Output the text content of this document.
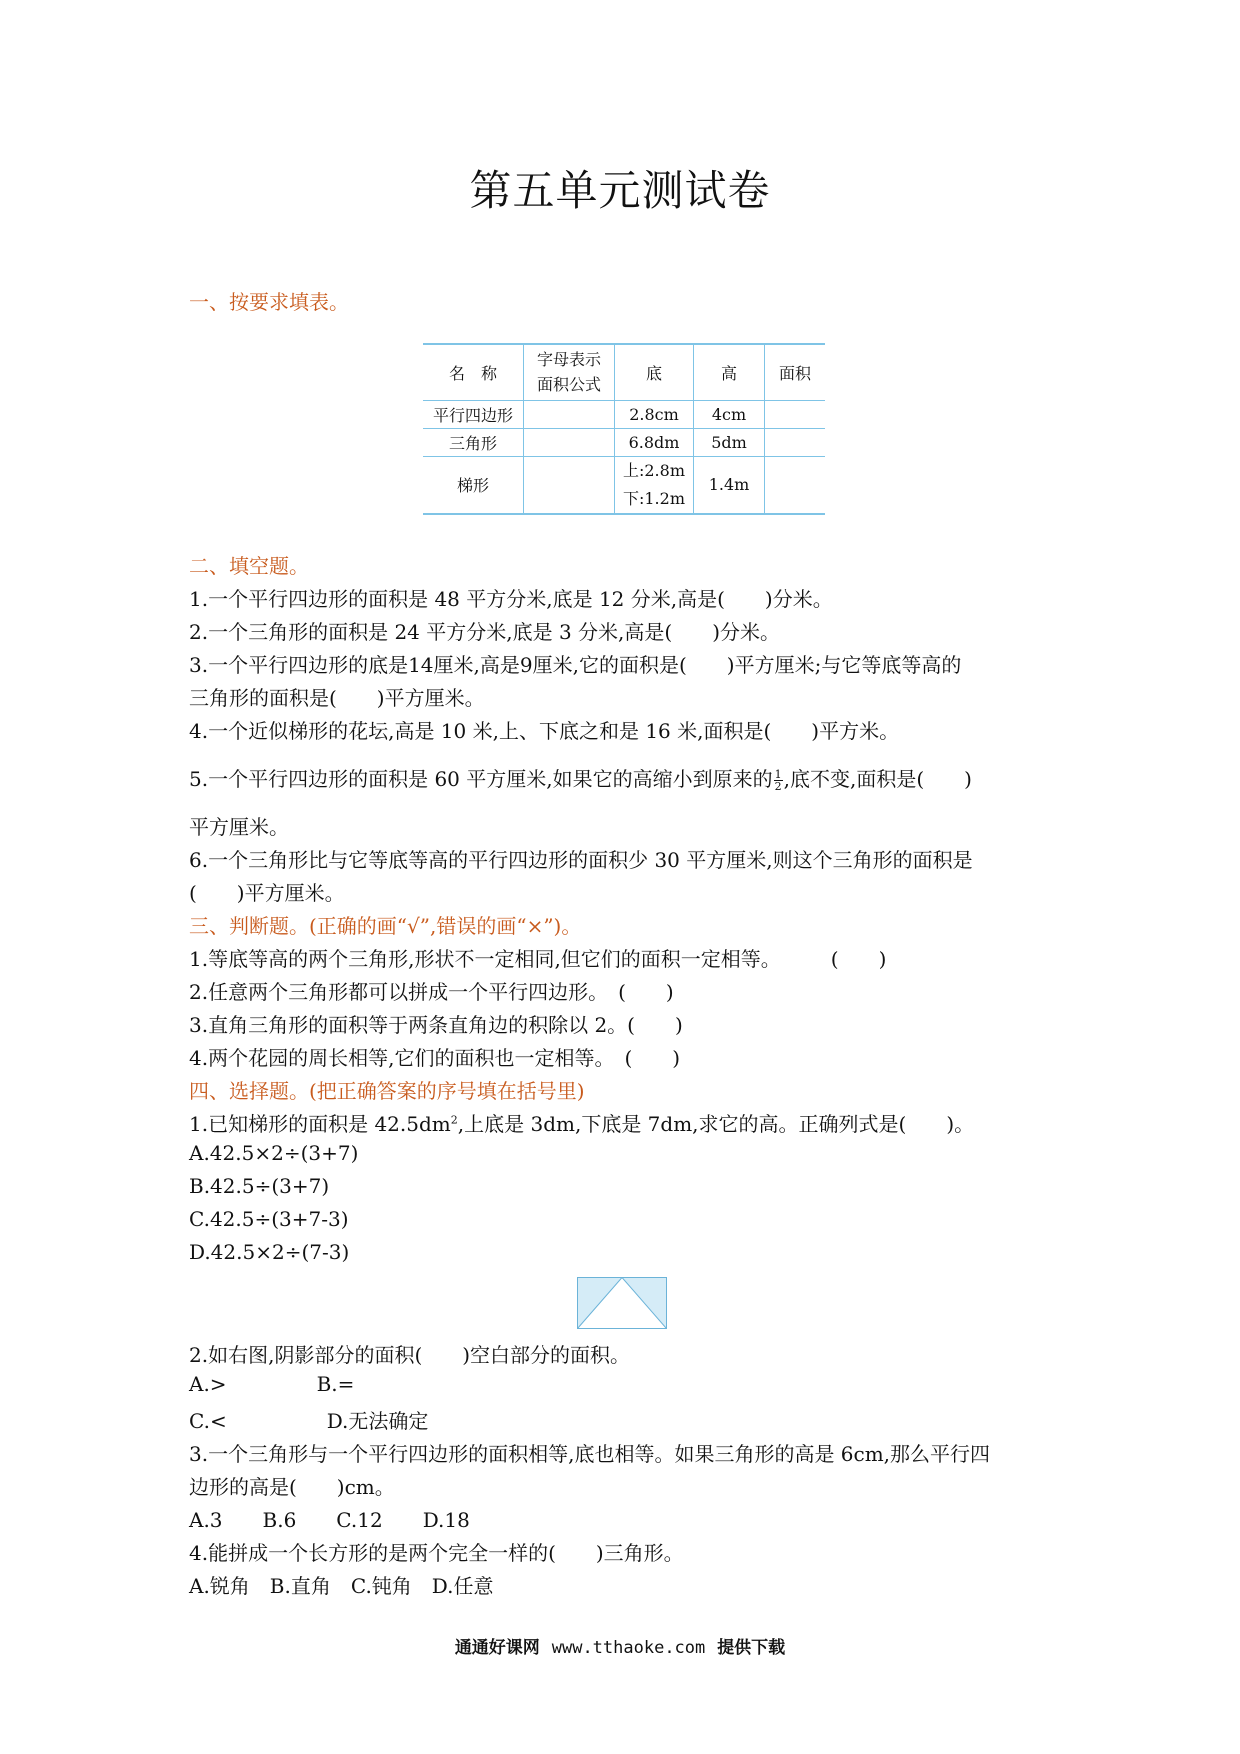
第五单元测试卷
一、按要求填表。
名　称	字母表示
面积公式	底	高	面积
平行四边形		2.8cm	4cm	
三角形		6.8dm	5dm	
梯形		上:2.8m
下:1.2m	1.4m	
二、填空题。
1.一个平行四边形的面积是 48 平方分米,底是 12 分米,高是(　　)分米。
2.一个三角形的面积是 24 平方分米,底是 3 分米,高是(　　)分米。
3.一个平行四边形的底是14厘米,高是9厘米,它的面积是(　　)平方厘米;与它等底等高的
三角形的面积是(　　)平方厘米。
4.一个近似梯形的花坛,高是 10 米,上、下底之和是 16 米,面积是(　　)平方米。
5.一个平行四边形的面积是 60 平方厘米,如果它的高缩小到原来的 $\frac{1}{2}$ ,底不变,面积是(　　)
平方厘米。
6.一个三角形比与它等底等高的平行四边形的面积少 30 平方厘米,则这个三角形的面积是
(　　)平方厘米。
三、判断题。(正确的画“√”,错误的画“×”)。
1.等底等高的两个三角形,形状不一定相同,但它们的面积一定相等。　　　(　　)
2.任意两个三角形都可以拼成一个平行四边形。　(　　)
3.直角三角形的面积等于两条直角边的积除以 2。(　　)
4.两个花园的周长相等,它们的面积也一定相等。　(　　)
四、选择题。(把正确答案的序号填在括号里)
1.已知梯形的面积是 $42.5dm^2$,上底是 3dm,下底是 7dm,求它的高。正确列式是(　　)。
A.42.5×2÷(3+7)
B.42.5÷(3+7)
C.42.5÷(3+7-3)
D.42.5×2÷(7-3)
2.如右图,阴影部分的面积(　　)空白部分的面积。
A.>	B.=
C.<	D.无法确定
3.一个三角形与一个平行四边形的面积相等,底也相等。如果三角形的高是 6cm,那么平行四
边形的高是(　　)cm。
A.3　　B.6　　C.12　　D.18
4.能拼成一个长方形的是两个完全一样的(　　)三角形。
A.锐角　B.直角　C.钝角　D.任意
通通好课网 www.tthaoke.com 提供下载
